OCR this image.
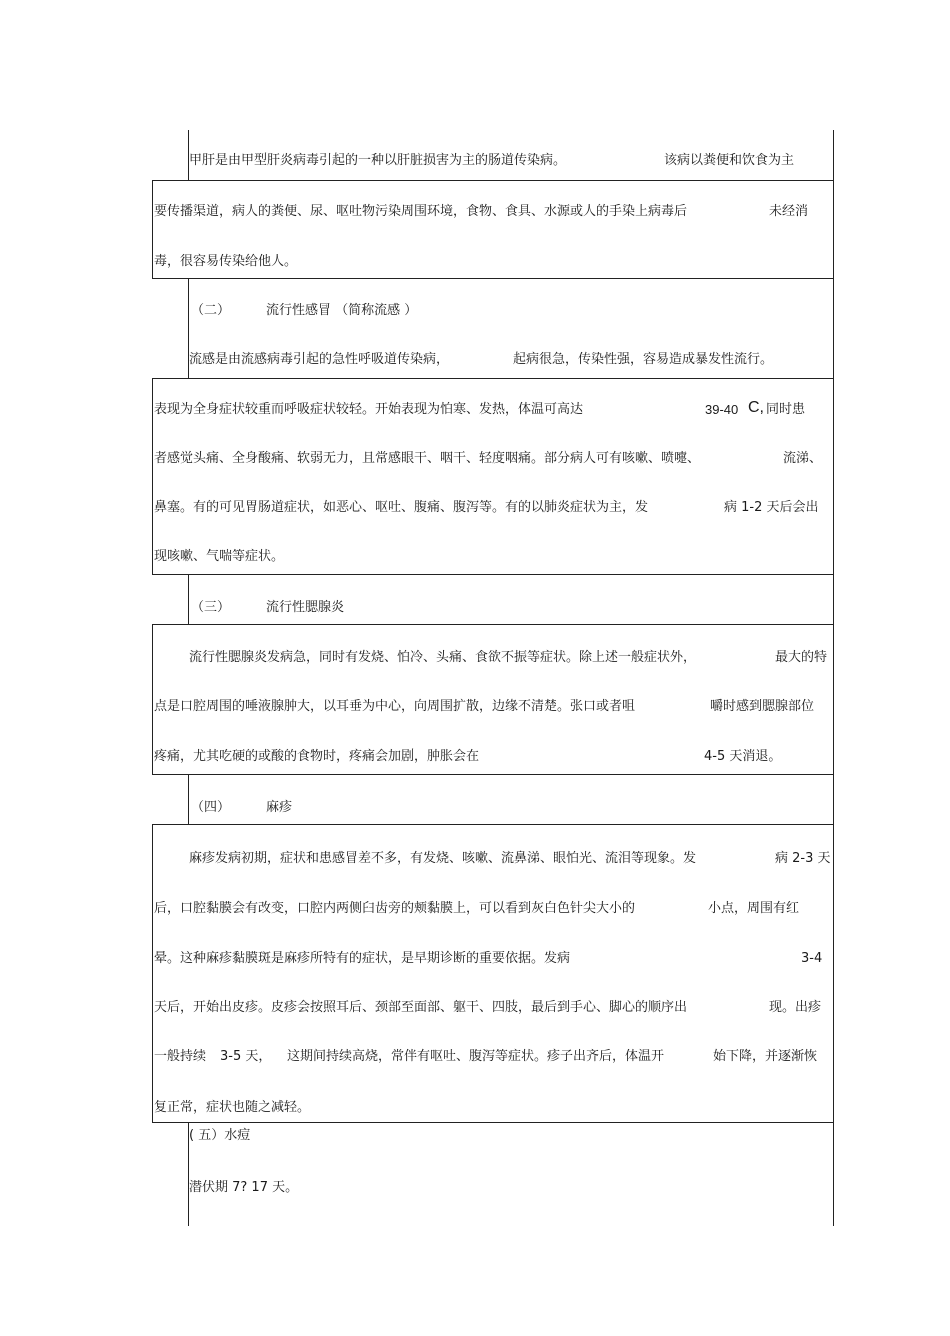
甲肝是由甲型肝炎病毒引起的一种以肝脏损害为主的肠道传染病。	该病以粪便和饮食为主
要传播渠道，病人的粪便、尿、呕吐物污染周围环境，食物、食具、水源或人的手染上病毒后	未经消
毒，很容易传染给他人。
（二）	流行性感冒 （简称流感 ）
流感是由流感病毒引起的急性呼吸道传染病，	起病很急，传染性强，容易造成暴发性流行。
表现为全身症状较重而呼吸症状较轻。开始表现为怕寒、发热，体温可高达	39-40 C, 同时患
者感觉头痛、全身酸痛、软弱无力，且常感眼干、咽干、轻度咽痛。部分病人可有咳嗽、喷嚏、	流涕、
鼻塞。有的可见胃肠道症状，如恶心、呕吐、腹痛、腹泻等。有的以肺炎症状为主，发	病 1-2 天后会出
现咳嗽、气喘等症状。
（三）	流行性腮腺炎
流行性腮腺炎发病急，同时有发烧、怕冷、头痛、食欲不振等症状。除上述一般症状外，	最大的特
点是口腔周围的唾液腺肿大，以耳垂为中心，向周围扩散，边缘不清楚。张口或者咀	嚼时感到腮腺部位
疼痛，尤其吃硬的或酸的食物时，疼痛会加剧，肿胀会在	4-5 天消退。
（四）	麻疹
麻疹发病初期，症状和患感冒差不多，有发烧、咳嗽、流鼻涕、眼怕光、流泪等现象。发	病 2-3 天
后，口腔黏膜会有改变，口腔内两侧臼齿旁的颊黏膜上，可以看到灰白色针尖大小的	小点，周围有红
晕。这种麻疹黏膜斑是麻疹所特有的症状，是早期诊断的重要依据。发病	3-4
天后，开始出皮疹。皮疹会按照耳后、颈部至面部、躯干、四肢，最后到手心、脚心的顺序出	现。出疹
一般持续 3-5 天， 这期间持续高烧，常伴有呕吐、腹泻等症状。疹子出齐后，体温开	始下降，并逐渐恢
复正常，症状也随之减轻。
( 五）水痘
潜伏期 7? 17 天。
